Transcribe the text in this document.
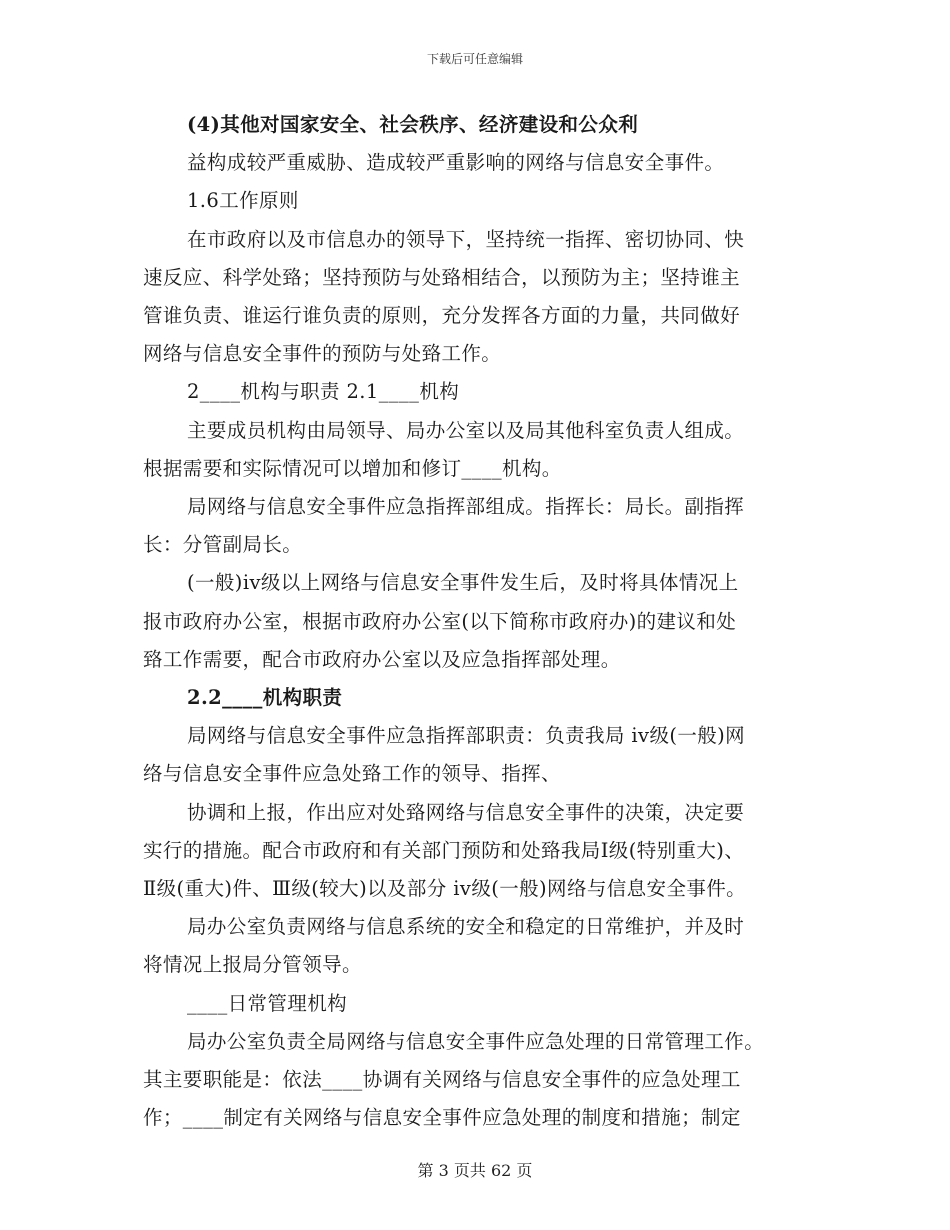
下载后可任意编辑

(4)其他对国家安全、社会秩序、经济建设和公众利

益构成较严重威胁、造成较严重影响的网络与信息安全事件。

1.6工作原则

在市政府以及市信息办的领导下，坚持统一指挥、密切协同、快

速反应、科学处臵；坚持预防与处臵相结合，以预防为主；坚持谁主

管谁负责、谁运行谁负责的原则，充分发挥各方面的力量，共同做好

网络与信息安全事件的预防与处臵工作。

2____机构与职责 2.1____机构

主要成员机构由局领导、局办公室以及局其他科室负责人组成。

根据需要和实际情况可以增加和修订____机构。

局网络与信息安全事件应急指挥部组成。指挥长：局长。副指挥

长：分管副局长。

(一般)iv级以上网络与信息安全事件发生后，及时将具体情况上

报市政府办公室，根据市政府办公室(以下简称市政府办)的建议和处

臵工作需要，配合市政府办公室以及应急指挥部处理。

2.2____机构职责

局网络与信息安全事件应急指挥部职责：负责我局 iv级(一般)网

络与信息安全事件应急处臵工作的领导、指挥、

协调和上报，作出应对处臵网络与信息安全事件的决策，决定要

实行的措施。配合市政府和有关部门预防和处臵我局Ⅰ级(特别重大)、

Ⅱ级(重大)件、Ⅲ级(较大)以及部分 iv级(一般)网络与信息安全事件。

局办公室负责网络与信息系统的安全和稳定的日常维护，并及时

将情况上报局分管领导。

____日常管理机构

局办公室负责全局网络与信息安全事件应急处理的日常管理工作。

其主要职能是：依法____协调有关网络与信息安全事件的应急处理工

作；____制定有关网络与信息安全事件应急处理的制度和措施；制定

第 3 页共 62 页
